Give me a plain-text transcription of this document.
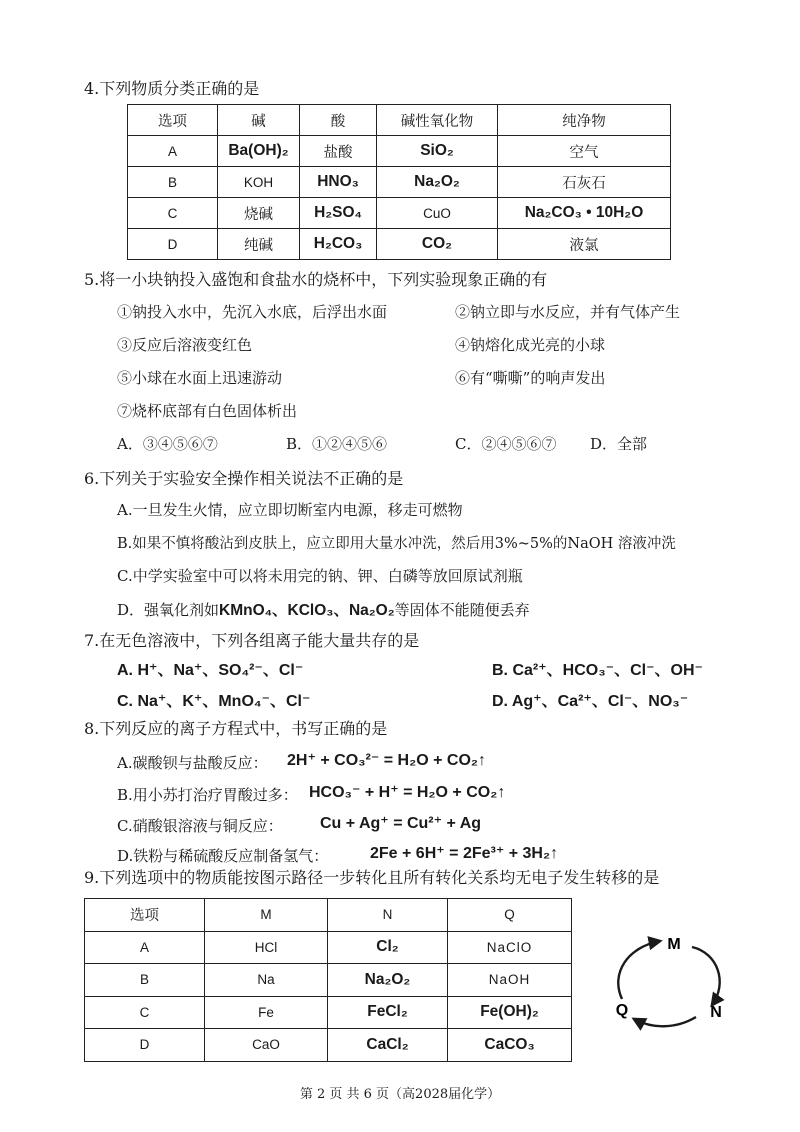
4.下列物质分类正确的是
选项	碱	酸	碱性氧化物	纯净物
A	Ba(OH)₂	盐酸	SiO₂	空气
B	KOH	HNO₃	Na₂O₂	石灰石
C	烧碱	H₂SO₄	CuO	Na₂CO₃ • 10H₂O
D	纯碱	H₂CO₃	CO₂	液氯
5.将一小块钠投入盛饱和食盐水的烧杯中，下列实验现象正确的有
①钠投入水中，先沉入水底，后浮出水面	②钠立即与水反应，并有气体产生
③反应后溶液变红色	④钠熔化成光亮的小球
⑤小球在水面上迅速游动	⑥有“嘶嘶”的响声发出
⑦烧杯底部有白色固体析出
A．③④⑤⑥⑦	B．①②④⑤⑥	C．②④⑤⑥⑦ D．全部
6.下列关于实验安全操作相关说法不正确的是
A.一旦发生火情，应立即切断室内电源，移走可燃物
B.如果不慎将酸沾到皮肤上，应立即用大量水冲洗，然后用3%~5%的NaOH 溶液冲洗
C.中学实验室中可以将未用完的钠、钾、白磷等放回原试剂瓶
D．强氧化剂如KMnO₄、KClO₃、Na₂O₂等固体不能随便丢弃
7.在无色溶液中，下列各组离子能大量共存的是
A. H⁺、Na⁺、SO₄²⁻、Cl⁻	B. Ca²⁺、HCO₃⁻、Cl⁻、OH⁻
C. Na⁺、K⁺、MnO₄⁻、Cl⁻	D. Ag⁺、Ca²⁺、Cl⁻、NO₃⁻
8.下列反应的离子方程式中，书写正确的是
A.碳酸钡与盐酸反应： 2H⁺ + CO₃²⁻ = H₂O + CO₂↑
B.用小苏打治疗胃酸过多： HCO₃⁻ + H⁺ = H₂O + CO₂↑
C.硝酸银溶液与铜反应： Cu + Ag⁺ = Cu²⁺ + Ag
D.铁粉与稀硫酸反应制备氢气：	2Fe + 6H⁺ = 2Fe³⁺ + 3H₂↑
9.下列选项中的物质能按图示路径一步转化且所有转化关系均无电子发生转移的是
选项	M	N	Q
A	HCl	Cl₂	NaClO
B	Na	Na₂O₂	NaOH
C	Fe	FeCl₂	Fe(OH)₂
D	CaO	CaCl₂	CaCO₃
M
N
Q
第 2 页 共 6 页（高2028届化学）
